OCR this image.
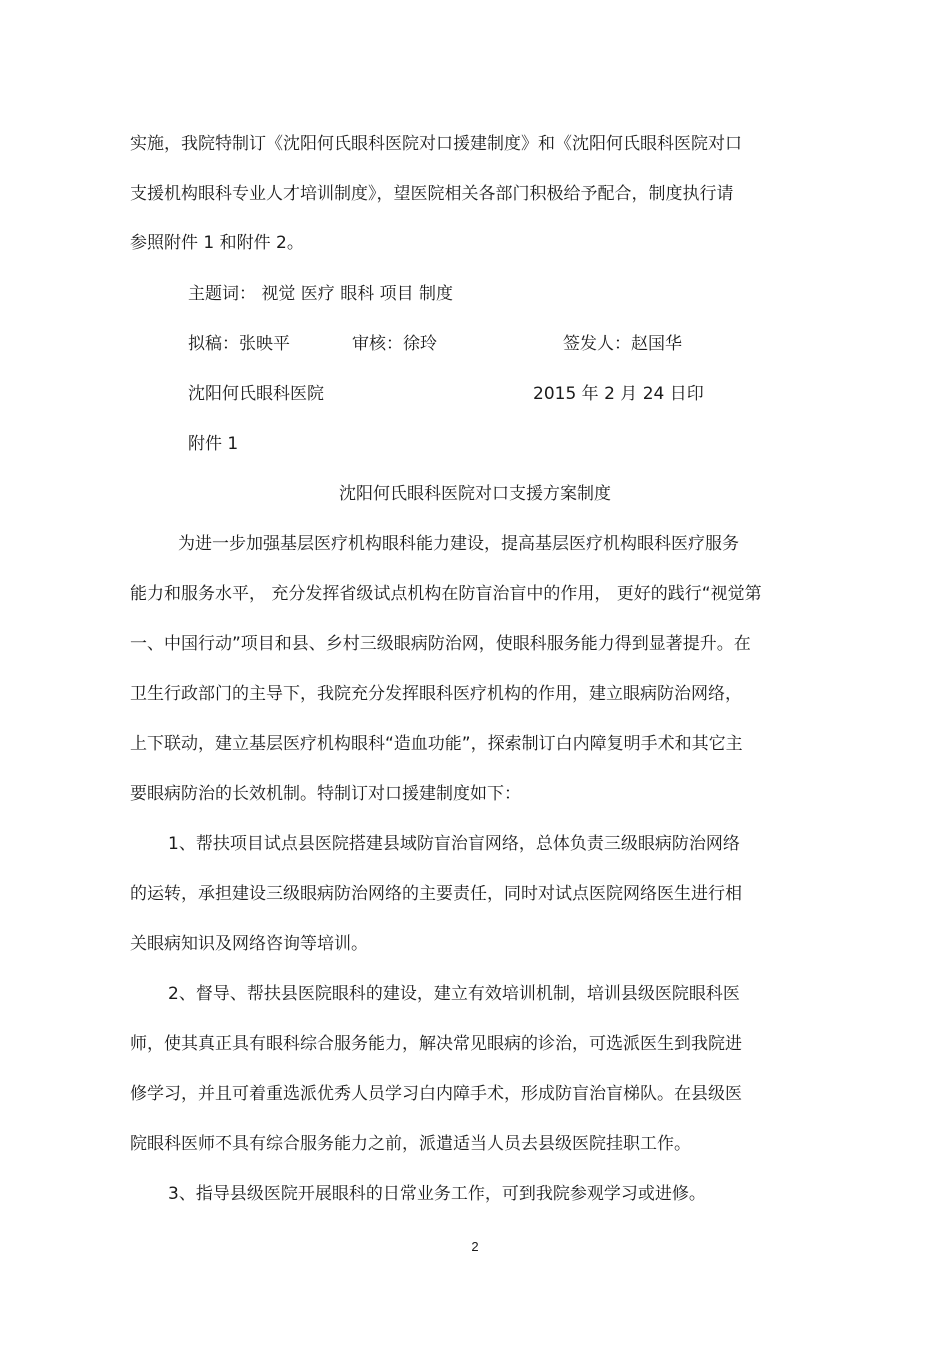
实施，我院特制订《沈阳何氏眼科医院对口援建制度》和《沈阳何氏眼科医院对口
支援机构眼科专业人才培训制度》，望医院相关各部门积极给予配合，制度执行请
参照附件 1 和附件 2。
主题词： 视觉 医疗 眼科 项目 制度
拟稿：张映平	审核：徐玲	签发人：赵国华
沈阳何氏眼科医院	2015 年 2 月 24 日印
附件 1
沈阳何氏眼科医院对口支援方案制度
为进一步加强基层医疗机构眼科能力建设，提高基层医疗机构眼科医疗服务
能力和服务水平， 充分发挥省级试点机构在防盲治盲中的作用， 更好的践行“视觉第
一、中国行动”项目和县、乡村三级眼病防治网，使眼科服务能力得到显著提升。在
卫生行政部门的主导下，我院充分发挥眼科医疗机构的作用，建立眼病防治网络，
上下联动，建立基层医疗机构眼科“造血功能”，探索制订白内障复明手术和其它主
要眼病防治的长效机制。特制订对口援建制度如下：
1、帮扶项目试点县医院搭建县域防盲治盲网络，总体负责三级眼病防治网络
的运转，承担建设三级眼病防治网络的主要责任，同时对试点医院网络医生进行相
关眼病知识及网络咨询等培训。
2、督导、帮扶县医院眼科的建设，建立有效培训机制，培训县级医院眼科医
师，使其真正具有眼科综合服务能力，解决常见眼病的诊治，可选派医生到我院进
修学习，并且可着重选派优秀人员学习白内障手术，形成防盲治盲梯队。在县级医
院眼科医师不具有综合服务能力之前，派遣适当人员去县级医院挂职工作。
3、指导县级医院开展眼科的日常业务工作，可到我院参观学习或进修。
2
